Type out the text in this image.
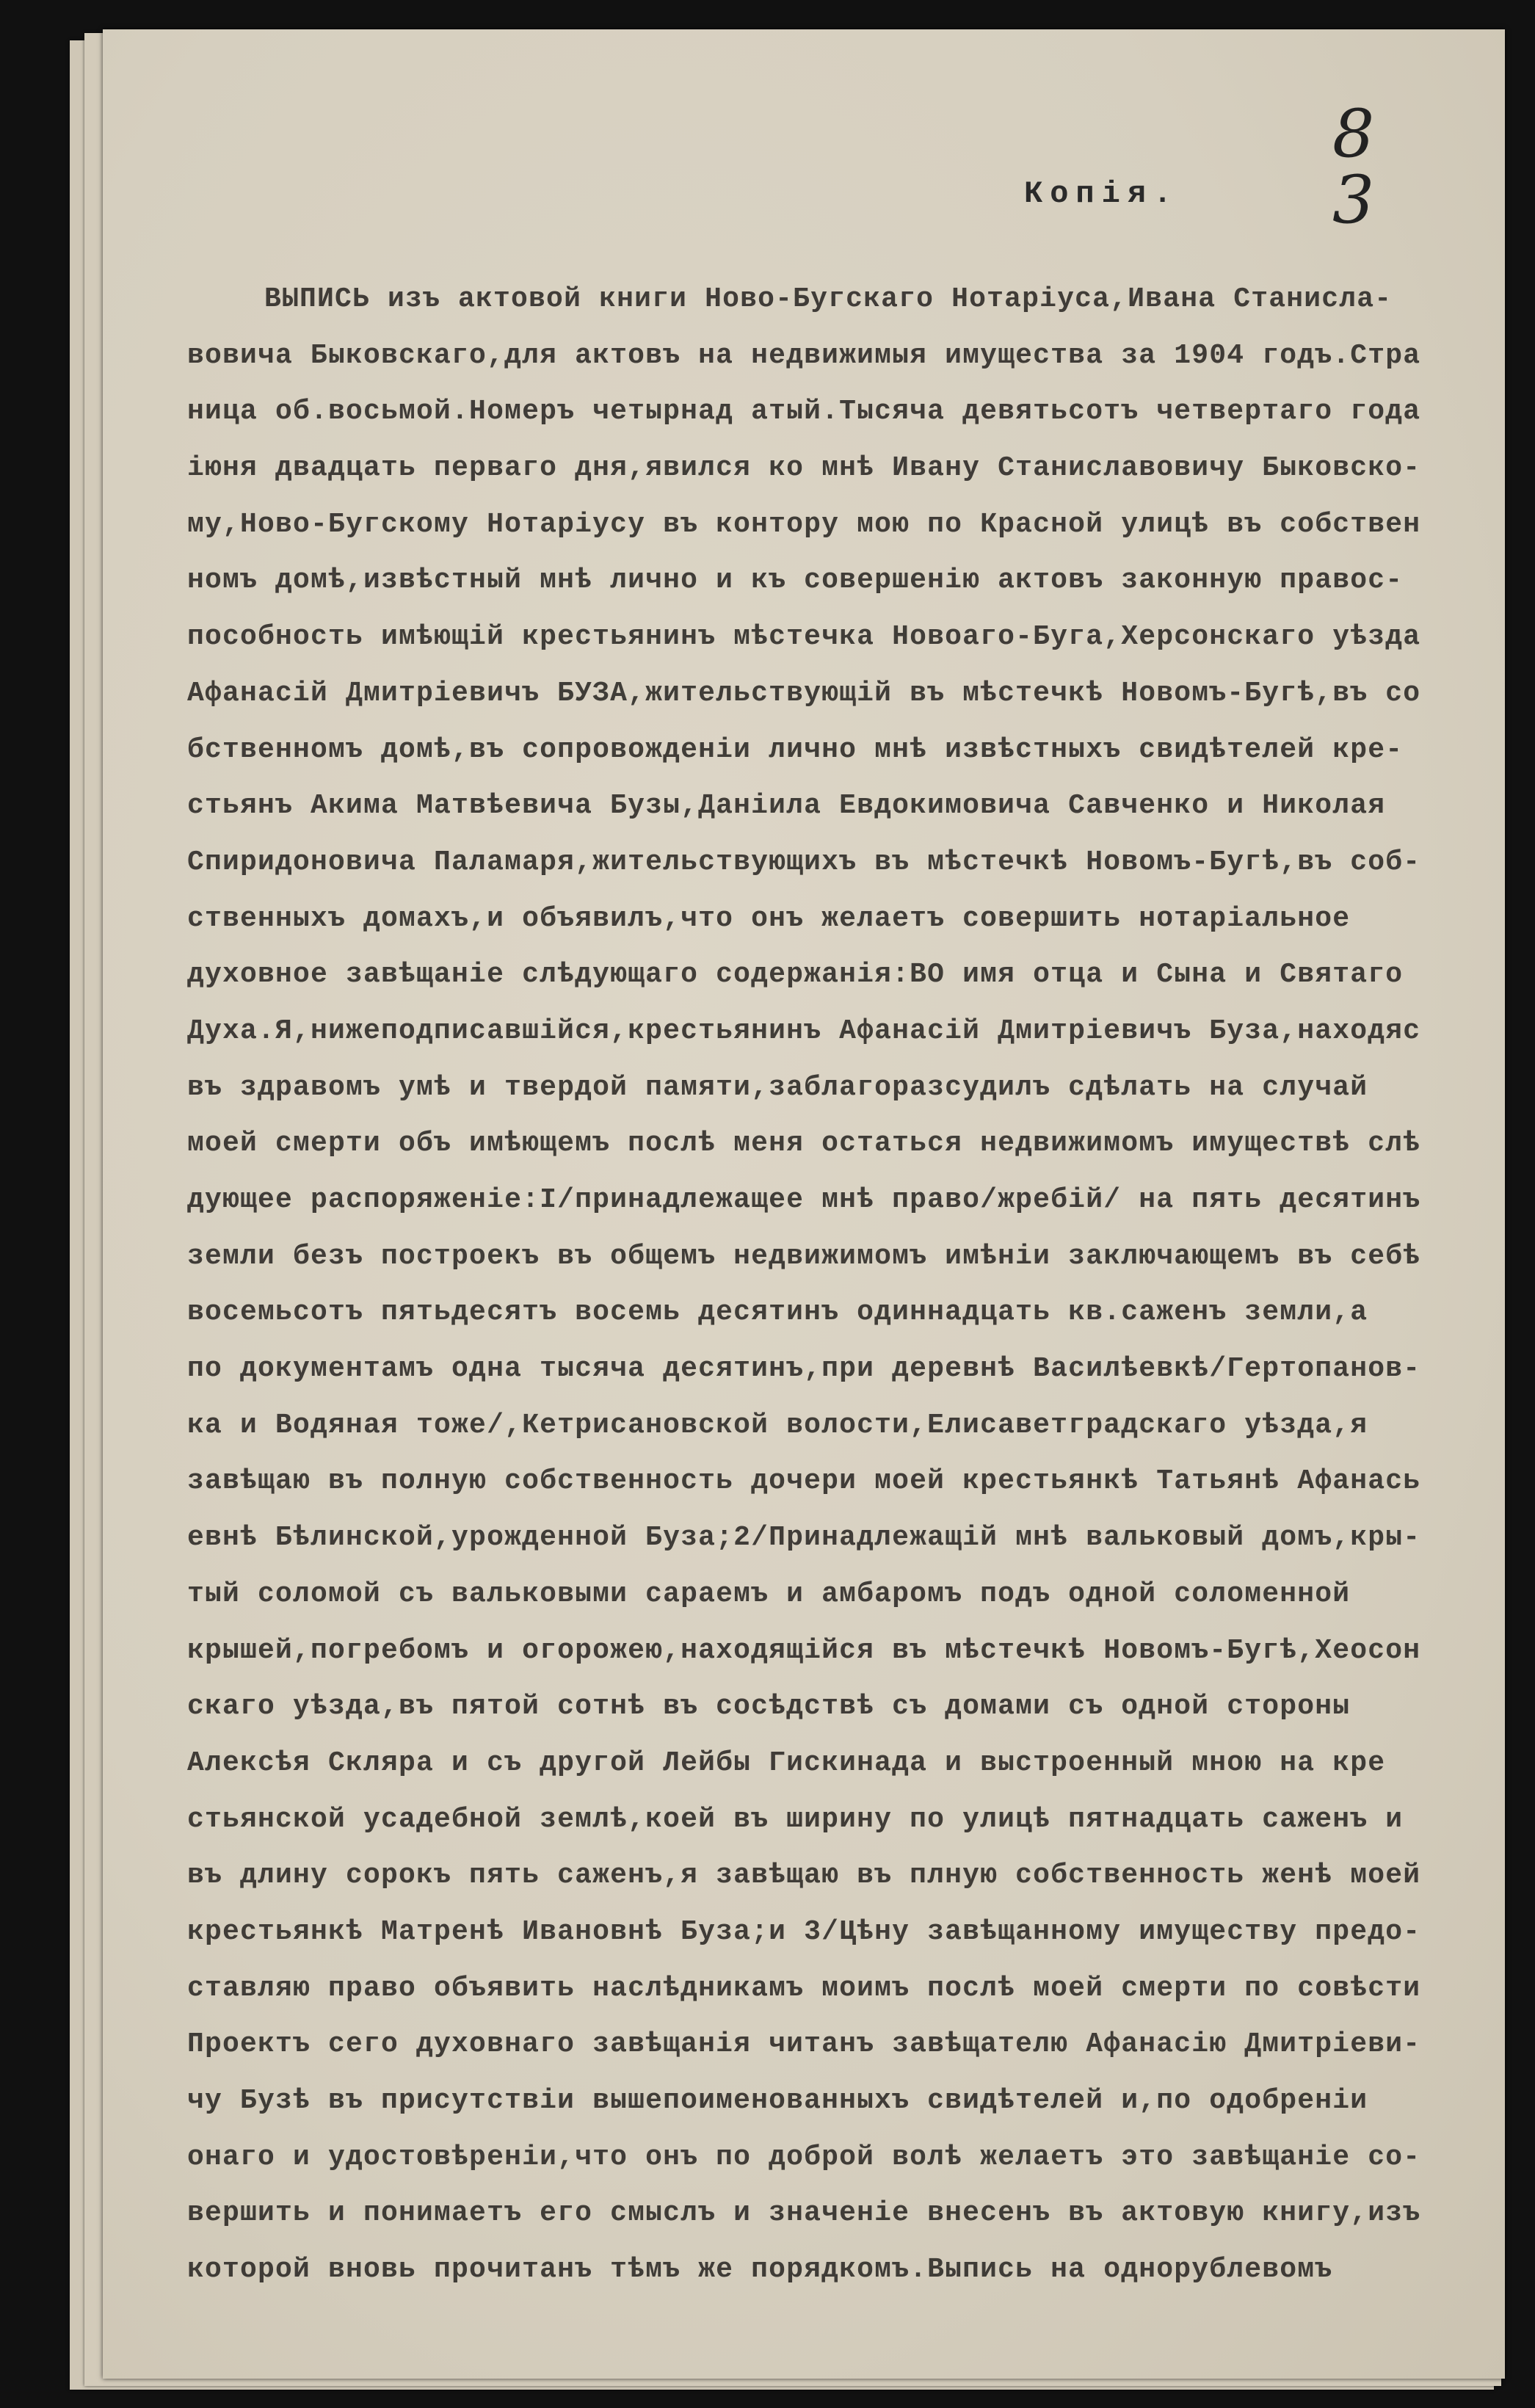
8
3
Копія.
ВЫПИСЬ изъ актовой книги Ново-Бугскаго Нотаріуса,Ивана Станисла-
вовича Быковскаго,для актовъ на недвижимыя имущества за 1904 годъ.Стра
ница об.восьмой.Номеръ четырнад атый.Тысяча девятьсотъ четвертаго года
іюня двадцать перваго дня,явился ко мнѣ Ивану Станиславовичу Быковско-
му,Ново-Бугскому Нотаріусу въ контору мою по Красной улицѣ въ собствен
номъ домѣ,извѣстный мнѣ лично и къ совершенію актовъ законную правос-
пособность имѣющій крестьянинъ мѣстечка Новоаго-Буга,Херсонскаго уѣзда
Афанасій Дмитріевичъ БУЗА,жительствующій въ мѣстечкѣ Новомъ-Бугѣ,въ со
бственномъ домѣ,въ сопровожденіи лично мнѣ извѣстныхъ свидѣтелей кре-
стьянъ Акима Матвѣевича Бузы,Даніила Евдокимовича Савченко и Николая
Спиридоновича Паламаря,жительствующихъ въ мѣстечкѣ Новомъ-Бугѣ,въ соб-
ственныхъ домахъ,и объявилъ,что онъ желаетъ совершить нотаріальное
духовное завѣщаніе слѣдующаго содержанія:ВО имя отца и Сына и Святаго
Духа.Я,нижеподписавшійся,крестьянинъ Афанасій Дмитріевичъ Буза,находяс
въ здравомъ умѣ и твердой памяти,заблагоразсудилъ сдѣлать на случай
моей смерти объ имѣющемъ послѣ меня остаться недвижимомъ имуществѣ слѣ
дующее распоряженіе:I/принадлежащее мнѣ право/жребій/ на пять десятинъ
земли безъ построекъ въ общемъ недвижимомъ имѣніи заключающемъ въ себѣ
восемьсотъ пятьдесятъ восемь десятинъ одиннадцать кв.саженъ земли,а
по документамъ одна тысяча десятинъ,при деревнѣ Василѣевкѣ/Гертопанов-
ка и Водяная тоже/,Кетрисановской волости,Елисаветградскаго уѣзда,я
завѣщаю въ полную собственность дочери моей крестьянкѣ Татьянѣ Афанась
евнѣ Бѣлинской,урожденной Буза;2/Принадлежащій мнѣ вальковый домъ,кры-
тый соломой съ вальковыми сараемъ и амбаромъ подъ одной соломенной
крышей,погребомъ и огорожею,находящійся въ мѣстечкѣ Новомъ-Бугѣ,Хеосон
скаго уѣзда,въ пятой сотнѣ въ сосѣдствѣ съ домами съ одной стороны
Алексѣя Скляра и съ другой Лейбы Гискинада и выстроенный мною на кре
стьянской усадебной землѣ,коей въ ширину по улицѣ пятнадцать саженъ и
въ длину сорокъ пять саженъ,я завѣщаю въ плную собственность женѣ моей
крестьянкѣ Матренѣ Ивановнѣ Буза;и 3/Цѣну завѣщанному имуществу предо-
ставляю право объявить наслѣдникамъ моимъ послѣ моей смерти по совѣсти
Проектъ сего духовнаго завѣщанія читанъ завѣщателю Афанасію Дмитріеви-
чу Бузѣ въ присутствіи вышепоименованныхъ свидѣтелей и,по одобреніи
онаго и удостовѣреніи,что онъ по доброй волѣ желаетъ это завѣщаніе со-
вершить и понимаетъ его смыслъ и значеніе внесенъ въ актовую книгу,изъ
которой вновь прочитанъ тѣмъ же порядкомъ.Выпись на однорублевомъ
